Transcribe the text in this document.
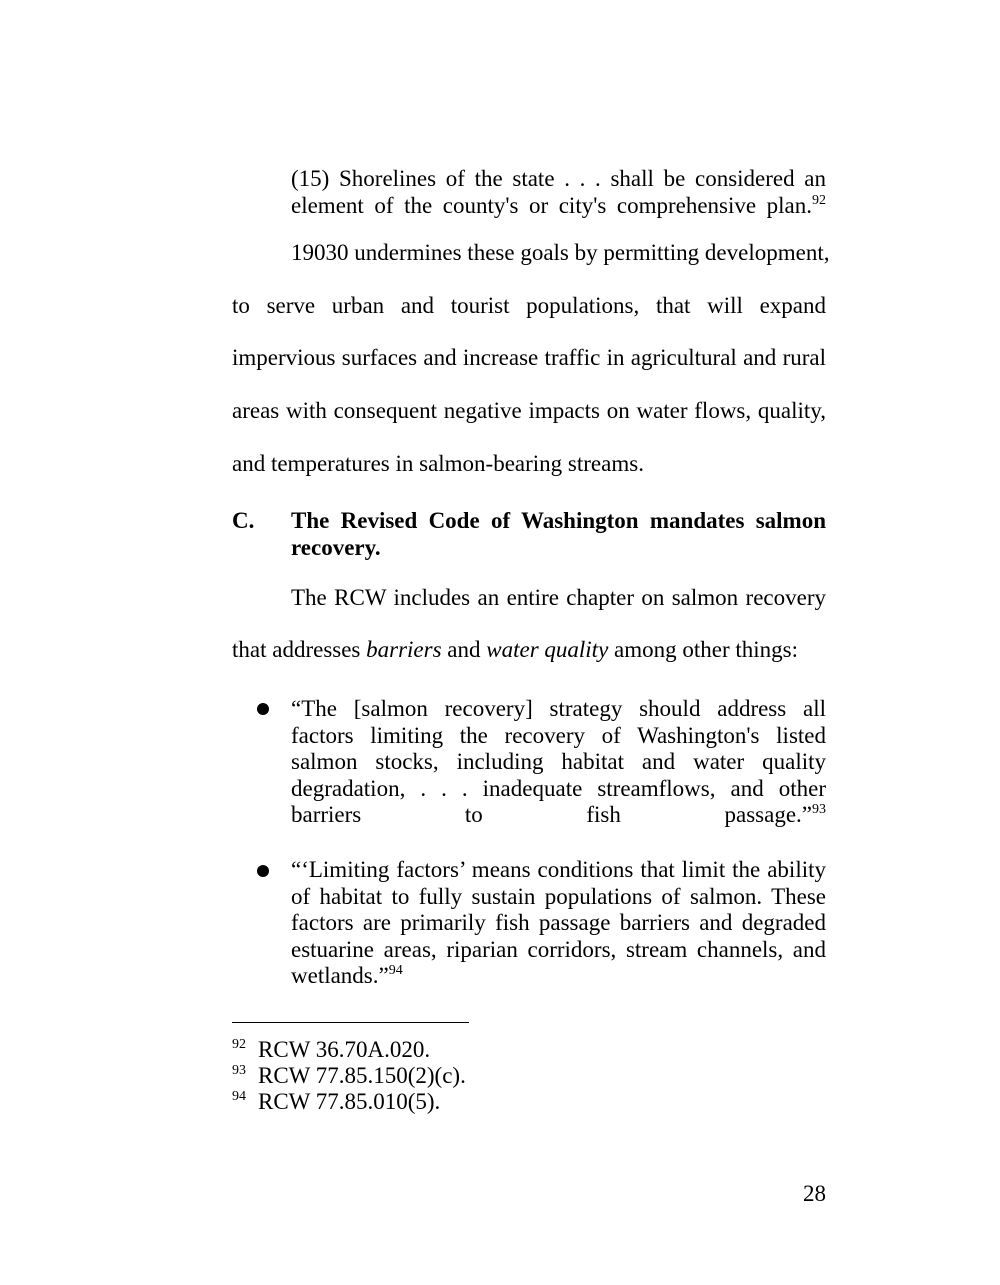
(15) Shorelines of the state . . . shall be considered an element of the county's or city's comprehensive plan.$^{92}$
19030 undermines these goals by permitting development,
to serve urban and tourist populations, that will expand
impervious surfaces and increase traffic in agricultural and rural
areas with consequent negative impacts on water flows, quality,
and temperatures in salmon-bearing streams.
C. The Revised Code of Washington mandates salmon recovery.
The RCW includes an entire chapter on salmon recovery
that addresses barriers and water quality among other things:
“The [salmon recovery] strategy should address all factors limiting the recovery of Washington's listed salmon stocks, including habitat and water quality degradation, . . . inadequate streamflows, and other barriers to fish passage.”$^{93}$
“‘Limiting factors’ means conditions that limit the ability of habitat to fully sustain populations of salmon. These factors are primarily fish passage barriers and degraded estuarine areas, riparian corridors, stream channels, and wetlands.”$^{94}$
92 RCW 36.70A.020.
93 RCW 77.85.150(2)(c).
94 RCW 77.85.010(5).
28
